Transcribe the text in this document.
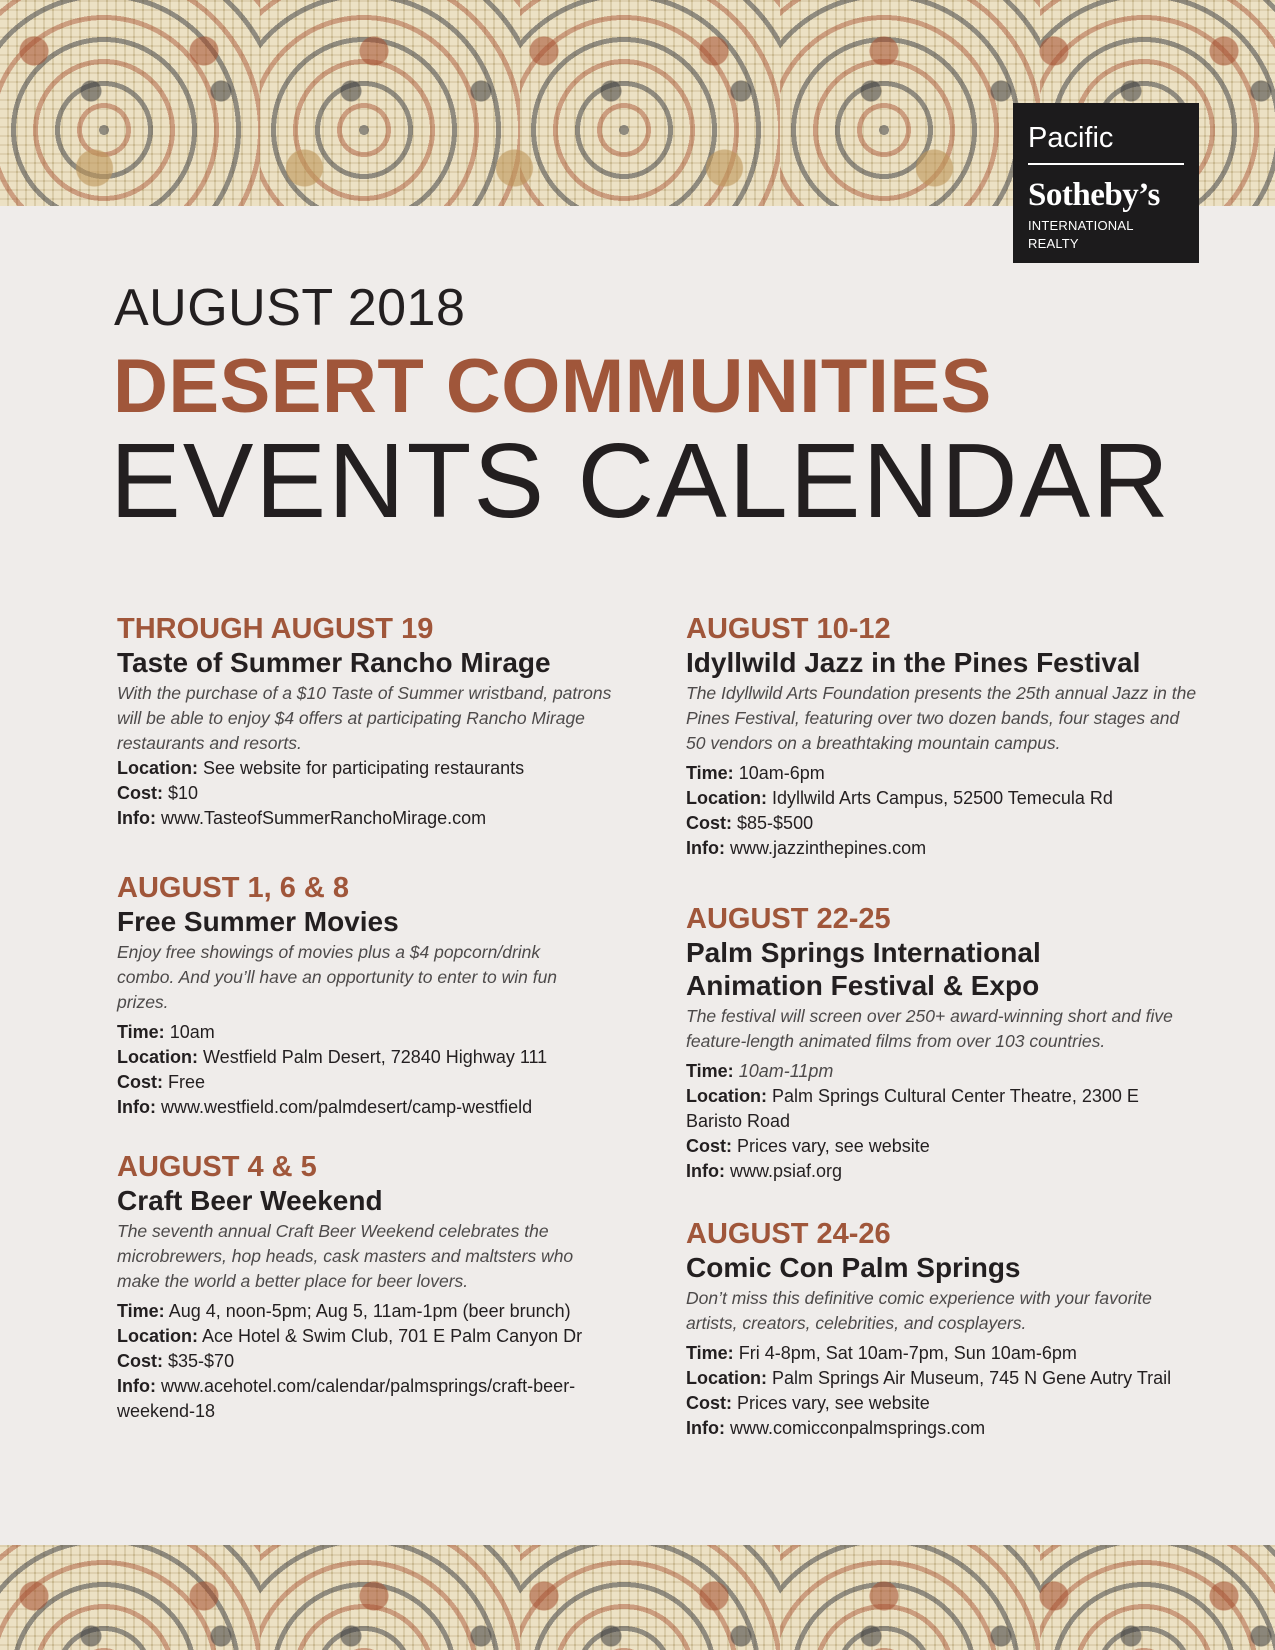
Pacific
Sotheby’s
INTERNATIONAL REALTY
AUGUST 2018
DESERT COMMUNITIES
EVENTS CALENDAR
THROUGH AUGUST 19
Taste of Summer Rancho Mirage
With the purchase of a $10 Taste of Summer wristband, patrons will be able to enjoy $4 offers at participating Rancho Mirage restaurants and resorts.
Location: See website for participating restaurants
Cost: $10
Info: www.TasteofSummerRanchoMirage.com
AUGUST 1, 6 & 8
Free Summer Movies
Enjoy free showings of movies plus a $4 popcorn/drink combo. And you’ll have an opportunity to enter to win fun prizes.
Time: 10am
Location: Westfield Palm Desert, 72840 Highway 111
Cost: Free
Info: www.westfield.com/palmdesert/camp-westfield
AUGUST 4 & 5
Craft Beer Weekend
The seventh annual Craft Beer Weekend celebrates the microbrewers, hop heads, cask masters and maltsters who make the world a better place for beer lovers.
Time: Aug 4, noon-5pm; Aug 5, 11am-1pm (beer brunch)
Location: Ace Hotel & Swim Club, 701 E Palm Canyon Dr
Cost: $35-$70
Info: www.acehotel.com/calendar/palmsprings/craft-beer-weekend-18
AUGUST 10-12
Idyllwild Jazz in the Pines Festival
The Idyllwild Arts Foundation presents the 25th annual Jazz in the Pines Festival, featuring over two dozen bands, four stages and 50 vendors on a breathtaking mountain campus.
Time: 10am-6pm
Location: Idyllwild Arts Campus, 52500 Temecula Rd
Cost: $85-$500
Info: www.jazzinthepines.com
AUGUST 22-25
Palm Springs International Animation Festival & Expo
The festival will screen over 250+ award-winning short and five feature-length animated films from over 103 countries.
Time: 10am-11pm
Location: Palm Springs Cultural Center Theatre, 2300 E Baristo Road
Cost: Prices vary, see website
Info: www.psiaf.org
AUGUST 24-26
Comic Con Palm Springs
Don’t miss this definitive comic experience with your favorite artists, creators, celebrities, and cosplayers.
Time: Fri 4-8pm, Sat 10am-7pm, Sun 10am-6pm
Location: Palm Springs Air Museum, 745 N Gene Autry Trail
Cost: Prices vary, see website
Info: www.comicconpalmsprings.com
